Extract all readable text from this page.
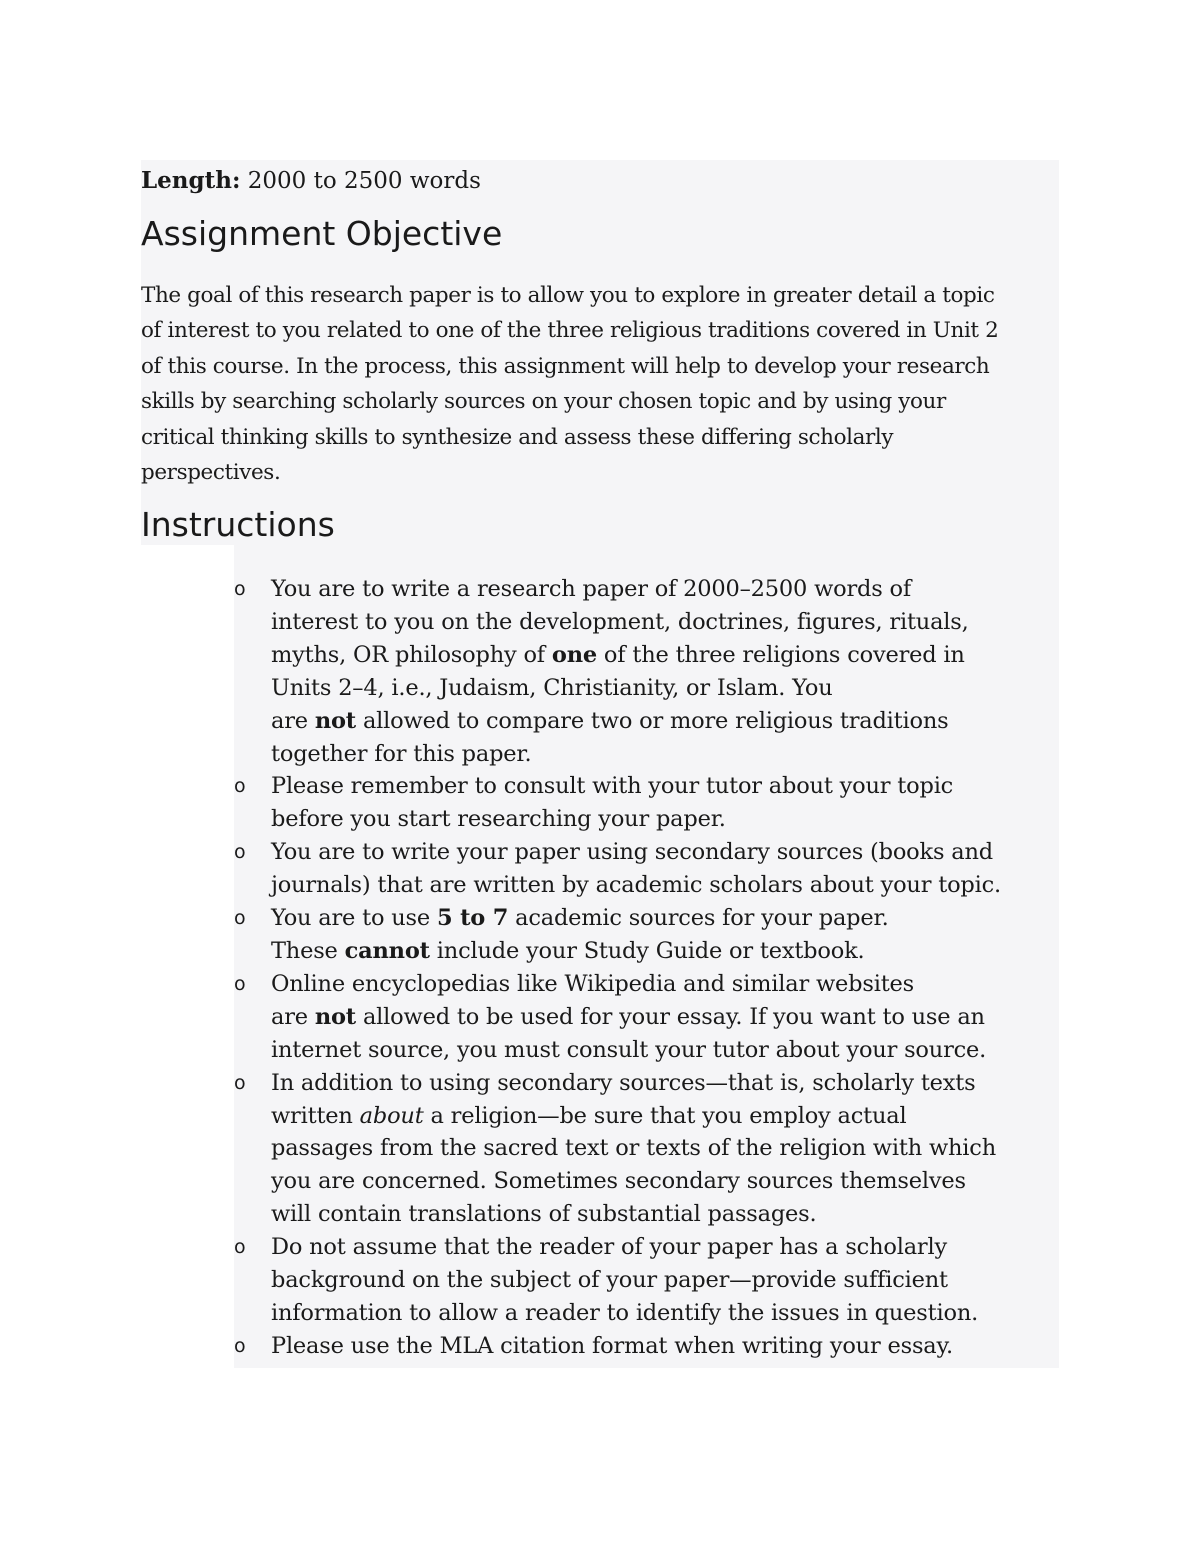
Length: 2000 to 2500 words
Assignment Objective

The goal of this research paper is to allow you to explore in greater detail a topic
of interest to you related to one of the three religious traditions covered in Unit 2
of this course. In the process, this assignment will help to develop your research
skills by searching scholarly sources on your chosen topic and by using your
critical thinking skills to synthesize and assess these differing scholarly
perspectives.

Instructions
o You are to write a research paper of 2000–2500 words of
interest to you on the development, doctrines, figures, rituals,
myths, OR philosophy of one of the three religions covered in
Units 2–4, i.e., Judaism, Christianity, or Islam. You
are not allowed to compare two or more religious traditions
together for this paper.
o Please remember to consult with your tutor about your topic
before you start researching your paper.
o You are to write your paper using secondary sources (books and
journals) that are written by academic scholars about your topic.
o You are to use 5 to 7 academic sources for your paper.
These cannot include your Study Guide or textbook.
o Online encyclopedias like Wikipedia and similar websites
are not allowed to be used for your essay. If you want to use an
internet source, you must consult your tutor about your source.
o In addition to using secondary sources—that is, scholarly texts
written about a religion—be sure that you employ actual
passages from the sacred text or texts of the religion with which
you are concerned. Sometimes secondary sources themselves
will contain translations of substantial passages.
o Do not assume that the reader of your paper has a scholarly
background on the subject of your paper—provide sufficient
information to allow a reader to identify the issues in question.
o Please use the MLA citation format when writing your essay.
